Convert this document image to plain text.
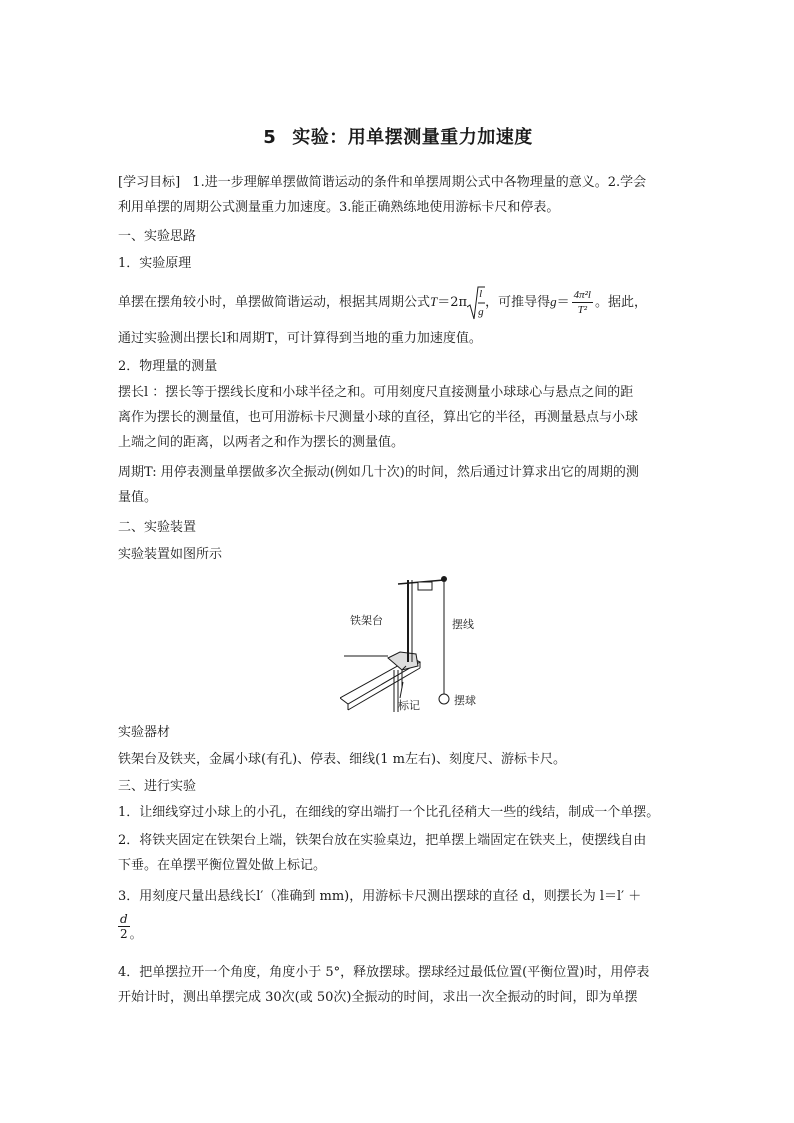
5 实验：用单摆测量重力加速度
[学习目标] 1.进一步理解单摆做简谐运动的条件和单摆周期公式中各物理量的意义。2.学会
利用单摆的周期公式测量重力加速度。3.能正确熟练地使用游标卡尺和停表。
一、实验思路
1．实验原理
单摆在摆角较小时，单摆做简谐运动，根据其周期公式T＝2π
l
g
，可推导得$g= \frac{\text{4π²l}}{\text{T²}}$ 。据此，
通过实验测出摆长l和周期T，可计算得到当地的重力加速度值。
2．物理量的测量
摆长l ：摆长等于摆线长度和小球半径之和。可用刻度尺直接测量小球球心与悬点之间的距
离作为摆长的测量值，也可用游标卡尺测量小球的直径，算出它的半径，再测量悬点与小球
上端之间的距离，以两者之和作为摆长的测量值。
周期T: 用停表测量单摆做多次全振动(例如几十次)的时间，然后通过计算求出它的周期的测
量值。
二、实验装置
实验装置如图所示
实验器材
铁架台及铁夹，金属小球(有孔)、停表、细线(1 m左右)、刻度尺、游标卡尺。
三、进行实验
1．让细线穿过小球上的小孔，在细线的穿出端打一个比孔径稍大一些的线结，制成一个单摆。
2．将铁夹固定在铁架台上端，铁架台放在实验桌边，把单摆上端固定在铁夹上，使摆线自由
下垂。在单摆平衡位置处做上标记。
3．用刻度尺量出悬线长l′（准确到 mm)，用游标卡尺测出摆球的直径 d，则摆长为 l＝l′ ＋
$\frac{d}{2}$ 。
4．把单摆拉开一个角度，角度小于 5°，释放摆球。摆球经过最低位置(平衡位置)时，用停表
开始计时，测出单摆完成 30次(或 50次)全振动的时间，求出一次全振动的时间，即为单摆
铁架台	摆线
标记	摆球
